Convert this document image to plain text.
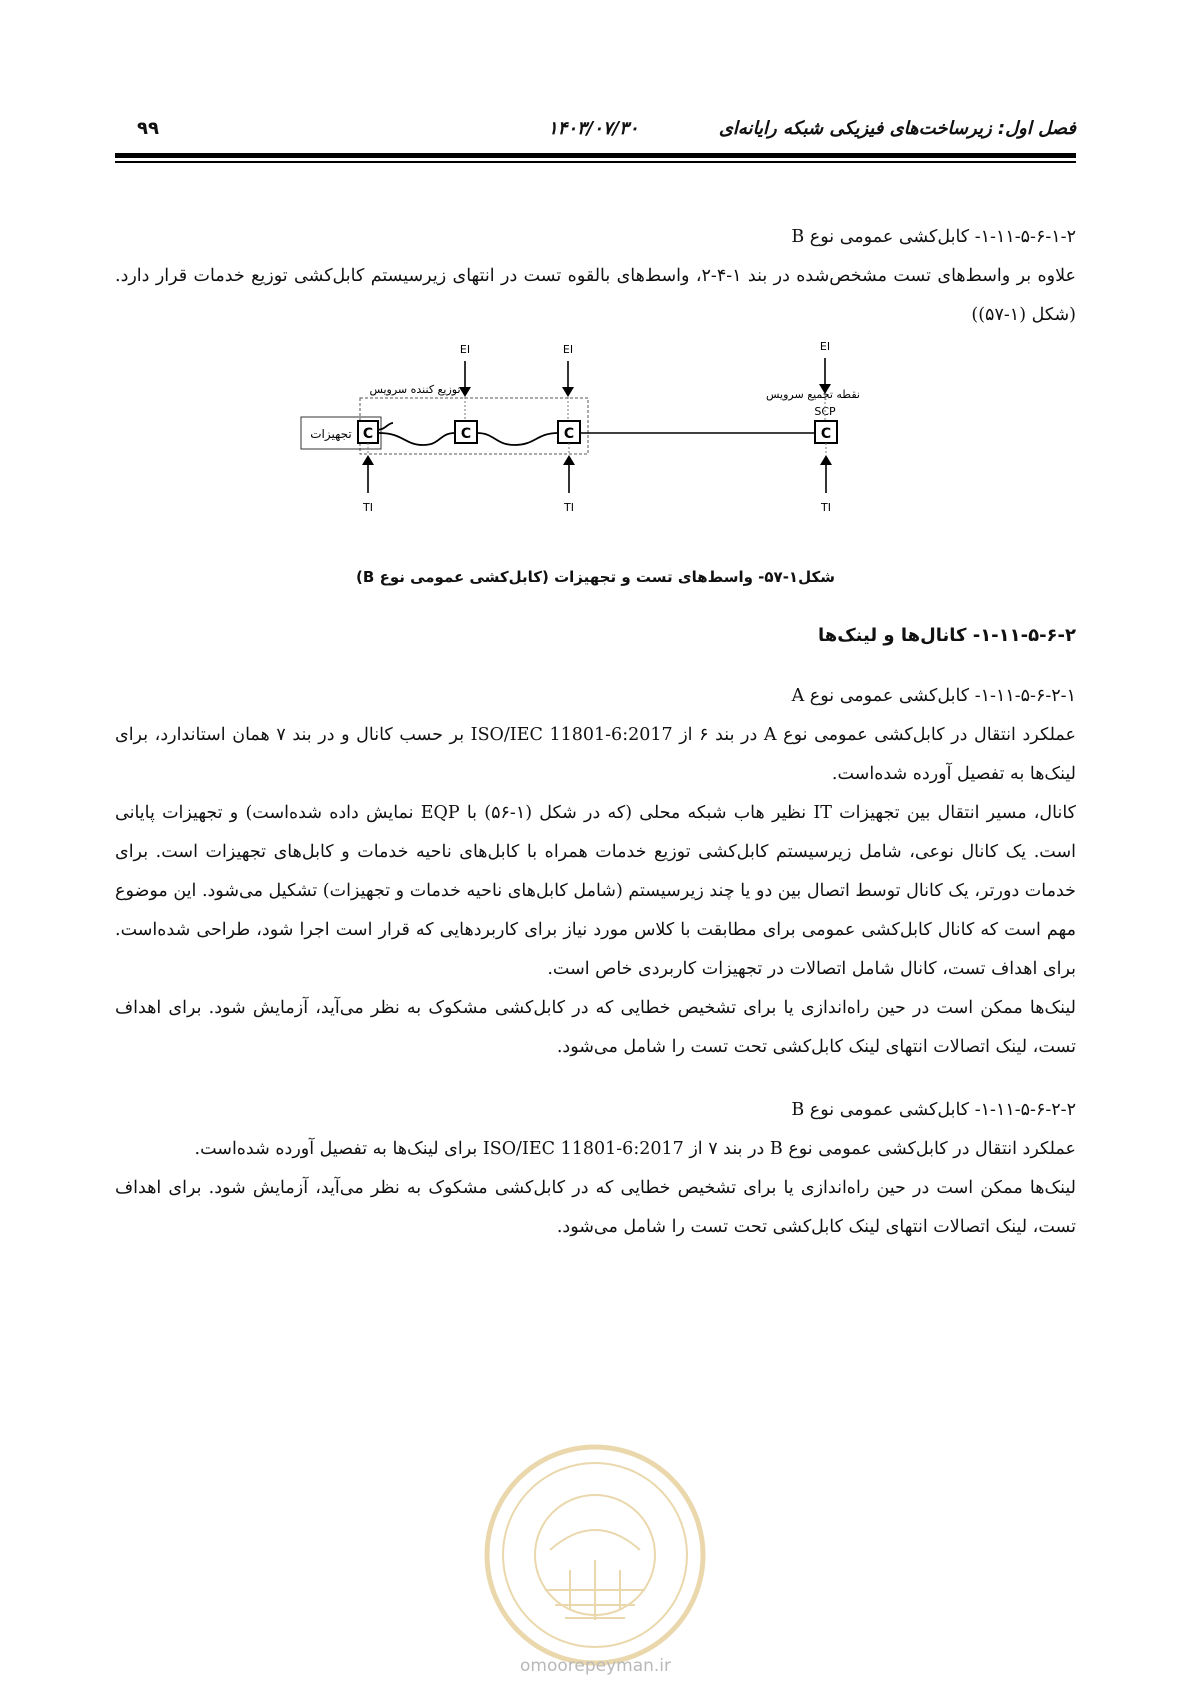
فصل اول: زیرساخت‌های فیزیکی شبکه رایانه‌ای
۱۴۰۳/۰۷/۳۰
۹۹

۱-۱۱-۵-۶-۱-۲- کابل‌کشی عمومی نوع B

علاوه بر واسط‌های تست مشخص‌شده در بند ۱-۴-۲، واسط‌های بالقوه تست در انتهای زیرسیستم کابل‌کشی توزیع خدمات قرار دارد. (شکل (۱-۵۷))

EI	EI	EI
توزیع کننده سرویس	نقطه تجمیع سرویس
SCP
تجهیزات C	C	C	C
TI	TI	TI

شکل۱-۵۷- واسط‌های تست و تجهیزات (کابل‌کشی عمومی نوع B)

۱-۱۱-۵-۶-۲- کانال‌ها و لینک‌ها

۱-۱۱-۵-۶-۲-۱- کابل‌کشی عمومی نوع A

عملکرد انتقال در کابل‌کشی عمومی نوع A در بند ۶ از ISO/IEC 11801-6:2017 بر حسب کانال و در بند ۷ همان استاندارد، برای لینک‌ها به تفصیل آورده شده‌است.

کانال، مسیر انتقال بین تجهیزات IT نظیر هاب شبکه محلی (که در شکل (۱-۵۶) با EQP نمایش داده شده‌است) و تجهیزات پایانی است. یک کانال نوعی، شامل زیرسیستم کابل‌کشی توزیع خدمات همراه با کابل‌های ناحیه خدمات و کابل‌های تجهیزات است. برای خدمات دورتر، یک کانال توسط اتصال بین دو یا چند زیرسیستم (شامل کابل‌های ناحیه خدمات و تجهیزات) تشکیل می‌شود. این موضوع مهم است که کانال کابل‌کشی عمومی برای مطابقت با کلاس مورد نیاز برای کاربردهایی که قرار است اجرا شود، طراحی شده‌است. برای اهداف تست، کانال شامل اتصالات در تجهیزات کاربردی خاص است.

لینک‌ها ممکن است در حین راه‌اندازی یا برای تشخیص خطایی که در کابل‌کشی مشکوک به نظر می‌آید، آزمایش شود. برای اهداف تست، لینک اتصالات انتهای لینک کابل‌کشی تحت تست را شامل می‌شود.

۱-۱۱-۵-۶-۲-۲- کابل‌کشی عمومی نوع B

عملکرد انتقال در کابل‌کشی عمومی نوع B در بند ۷ از ISO/IEC 11801-6:2017 برای لینک‌ها به تفصیل آورده شده‌است.

لینک‌ها ممکن است در حین راه‌اندازی یا برای تشخیص خطایی که در کابل‌کشی مشکوک به نظر می‌آید، آزمایش شود. برای اهداف تست، لینک اتصالات انتهای لینک کابل‌کشی تحت تست را شامل می‌شود.

omoorepeyman.ir
